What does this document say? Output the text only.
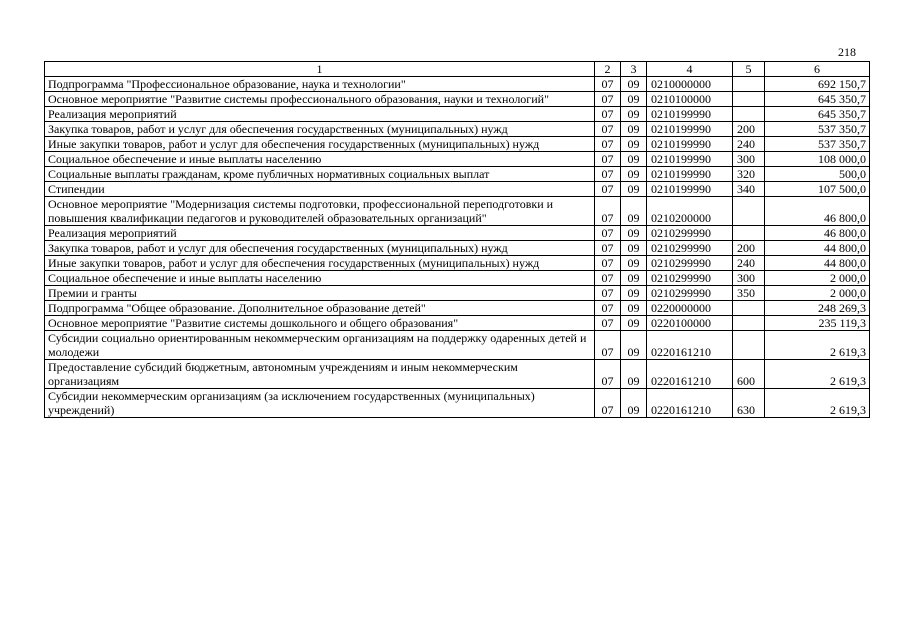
218
1	2	3	4	5	6
Подпрограмма "Профессиональное образование, наука и технологии"	07	09	0210000000		692 150,7
Основное мероприятие "Развитие системы профессионального образования, науки и технологий"	07	09	0210100000		645 350,7
Реализация мероприятий	07	09	0210199990		645 350,7
Закупка товаров, работ и услуг для обеспечения государственных (муниципальных) нужд	07	09	0210199990	200	537 350,7
Иные закупки товаров, работ и услуг для обеспечения государственных (муниципальных) нужд	07	09	0210199990	240	537 350,7
Социальное обеспечение и иные выплаты населению	07	09	0210199990	300	108 000,0
Социальные выплаты гражданам, кроме публичных нормативных социальных выплат	07	09	0210199990	320	500,0
Стипендии	07	09	0210199990	340	107 500,0
Основное мероприятие "Модернизация системы подготовки, профессиональной переподготовки и повышения квалификации педагогов и руководителей образовательных организаций"	07	09	0210200000		46 800,0
Реализация мероприятий	07	09	0210299990		46 800,0
Закупка товаров, работ и услуг для обеспечения государственных (муниципальных) нужд	07	09	0210299990	200	44 800,0
Иные закупки товаров, работ и услуг для обеспечения государственных (муниципальных) нужд	07	09	0210299990	240	44 800,0
Социальное обеспечение и иные выплаты населению	07	09	0210299990	300	2 000,0
Премии и гранты	07	09	0210299990	350	2 000,0
Подпрограмма "Общее образование. Дополнительное образование детей"	07	09	0220000000		248 269,3
Основное мероприятие "Развитие системы дошкольного и общего образования"	07	09	0220100000		235 119,3
Субсидии социально ориентированным некоммерческим организациям на поддержку одаренных детей и молодежи	07	09	0220161210		2 619,3
Предоставление субсидий бюджетным, автономным учреждениям и иным некоммерческим организациям	07	09	0220161210	600	2 619,3
Субсидии некоммерческим организациям (за исключением государственных (муниципальных) учреждений)	07	09	0220161210	630	2 619,3
